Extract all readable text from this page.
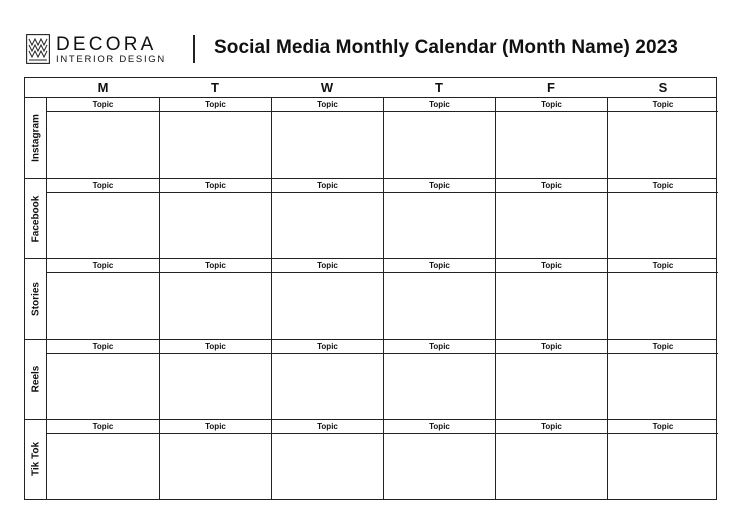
DECORA
INTERIOR DESIGN
Social Media Monthly Calendar (Month Name) 2023
M	T	W	T	F	S
Instagram
Topic	Topic	Topic	Topic	Topic	Topic
Facebook
Topic	Topic	Topic	Topic	Topic	Topic
Stories
Topic	Topic	Topic	Topic	Topic	Topic
Reels
Topic	Topic	Topic	Topic	Topic	Topic
Tik Tok
Topic	Topic	Topic	Topic	Topic	Topic
